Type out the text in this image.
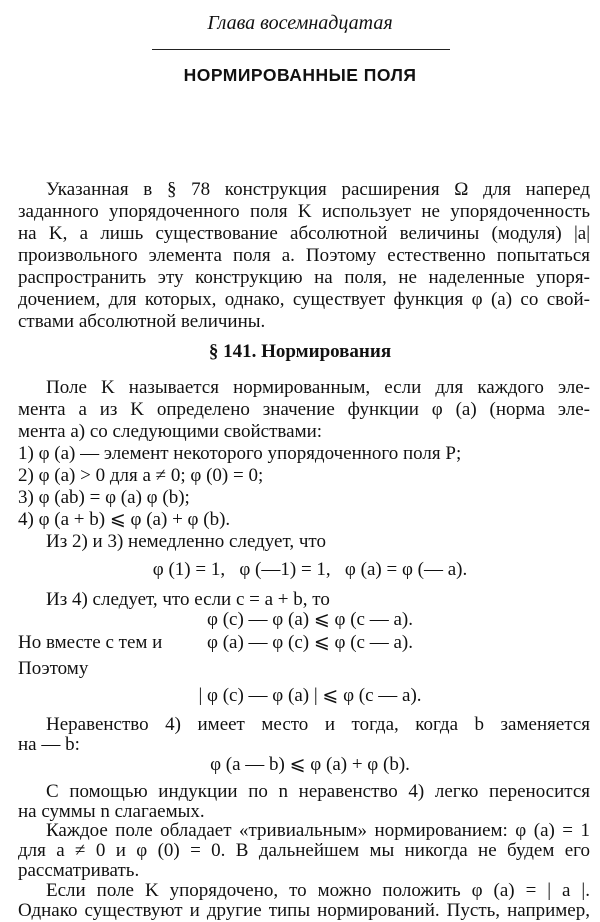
Глава восемнадцатая
НОРМИРОВАННЫЕ ПОЛЯ
Указанная в § 78 конструкция расширения Ω для наперед
заданного упорядоченного поля K использует не упорядоченность
на K, а лишь существование абсолютной величины (модуля) |a|
произвольного элемента поля a. Поэтому естественно попытаться
распространить эту конструкцию на поля, не наделенные упоря-
дочением, для которых, однако, существует функция φ (a) со свой-
ствами абсолютной величины.
§ 141. Нормирования
Поле K называется нормированным, если для каждого эле-
мента a из K определено значение функции φ (a) (норма эле-
мента a) со следующими свойствами:
1) φ (a) — элемент некоторого упорядоченного поля P;
2) φ (a) > 0 для a ≠ 0; φ (0) = 0;
3) φ (ab) = φ (a) φ (b);
4) φ (a + b) ⩽ φ (a) + φ (b).
Из 2) и 3) немедленно следует, что
φ (1) = 1,   φ (—1) = 1,   φ (a) = φ (— a).
Из 4) следует, что если c = a + b, то
φ (c) — φ (a) ⩽ φ (c — a).
Но вместе с тем и	φ (a) — φ (c) ⩽ φ (c — a).
Поэтому
| φ (c) — φ (a) | ⩽ φ (c — a).
Неравенство 4) имеет место и тогда, когда b заменяется
на — b:
φ (a — b) ⩽ φ (a) + φ (b).
С помощью индукции по n неравенство 4) легко переносится
на суммы n слагаемых.
Каждое поле обладает «тривиальным» нормированием: φ (a) = 1
для a ≠ 0 и φ (0) = 0. В дальнейшем мы никогда не будем его
рассматривать.
Если поле K упорядочено, то можно положить φ (a) = | a |.
Однако существуют и другие типы нормирований. Пусть, например,
